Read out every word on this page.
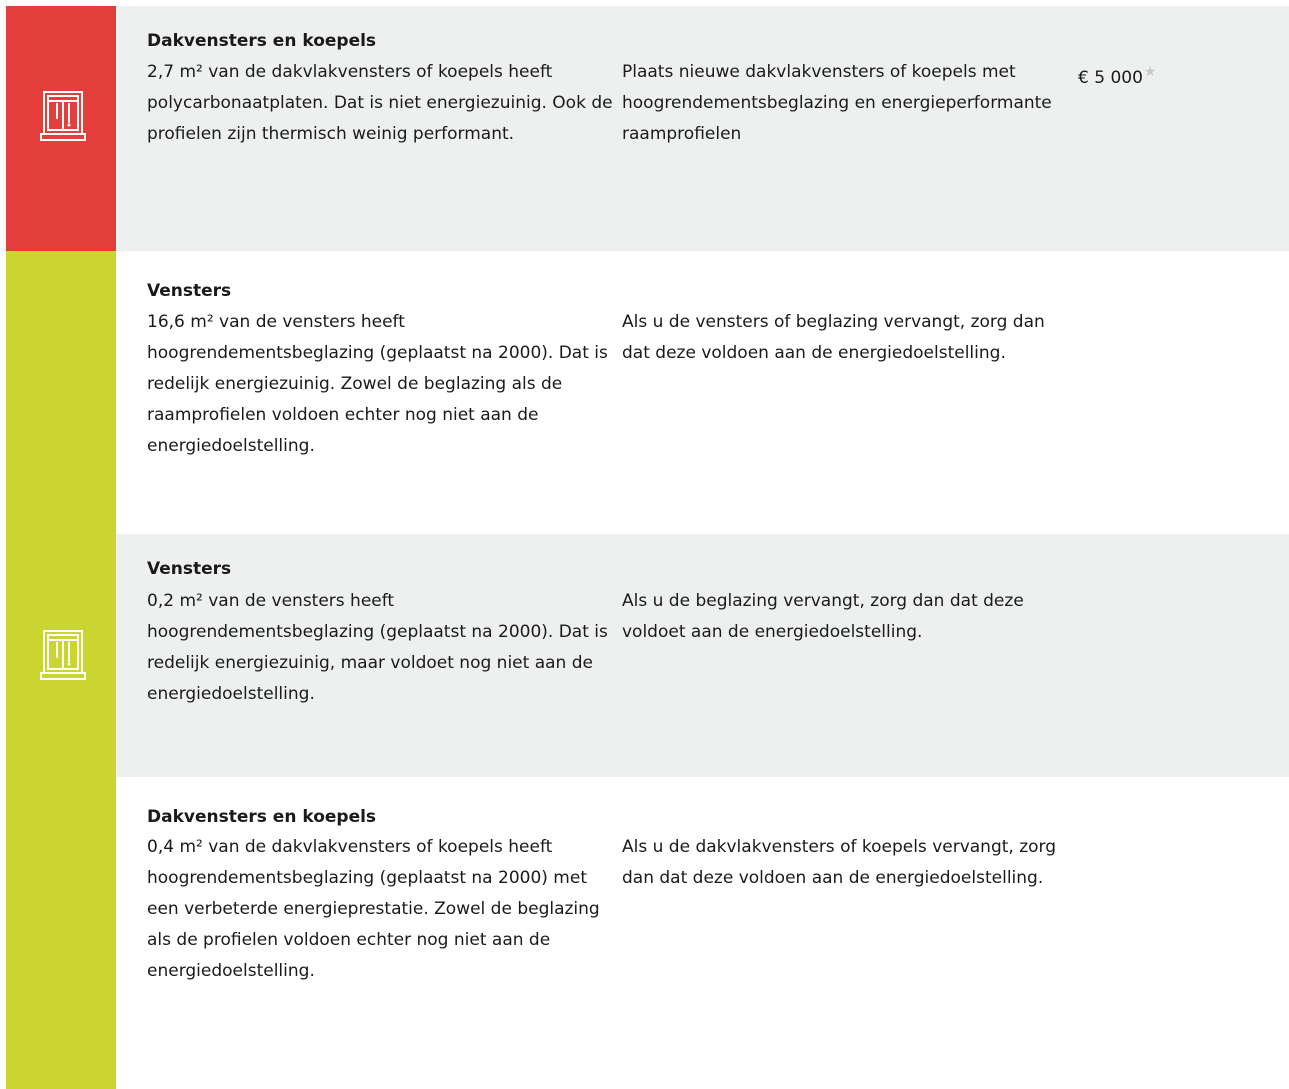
Dakvensters en koepels

2,7 m² van de dakvlakvensters of koepels heeft polycarbonaatplaten. Dat is niet energiezuinig. Ook de profielen zijn thermisch weinig performant.

Plaats nieuwe dakvlakvensters of koepels met hoogrendementsbeglazing en energieperformante raamprofielen

€ 5 000★
Vensters

16,6 m² van de vensters heeft hoogrendementsbeglazing (geplaatst na 2000). Dat is redelijk energiezuinig. Zowel de beglazing als de raamprofielen voldoen echter nog niet aan de energiedoelstelling.

Als u de vensters of beglazing vervangt, zorg dan dat deze voldoen aan de energiedoelstelling.

Vensters

0,2 m² van de vensters heeft hoogrendementsbeglazing (geplaatst na 2000). Dat is redelijk energiezuinig, maar voldoet nog niet aan de energiedoelstelling.

Als u de beglazing vervangt, zorg dan dat deze voldoet aan de energiedoelstelling.

Dakvensters en koepels

0,4 m² van de dakvlakvensters of koepels heeft hoogrendementsbeglazing (geplaatst na 2000) met een verbeterde energieprestatie. Zowel de beglazing als de profielen voldoen echter nog niet aan de energiedoelstelling.

Als u de dakvlakvensters of koepels vervangt, zorg dan dat deze voldoen aan de energiedoelstelling.
